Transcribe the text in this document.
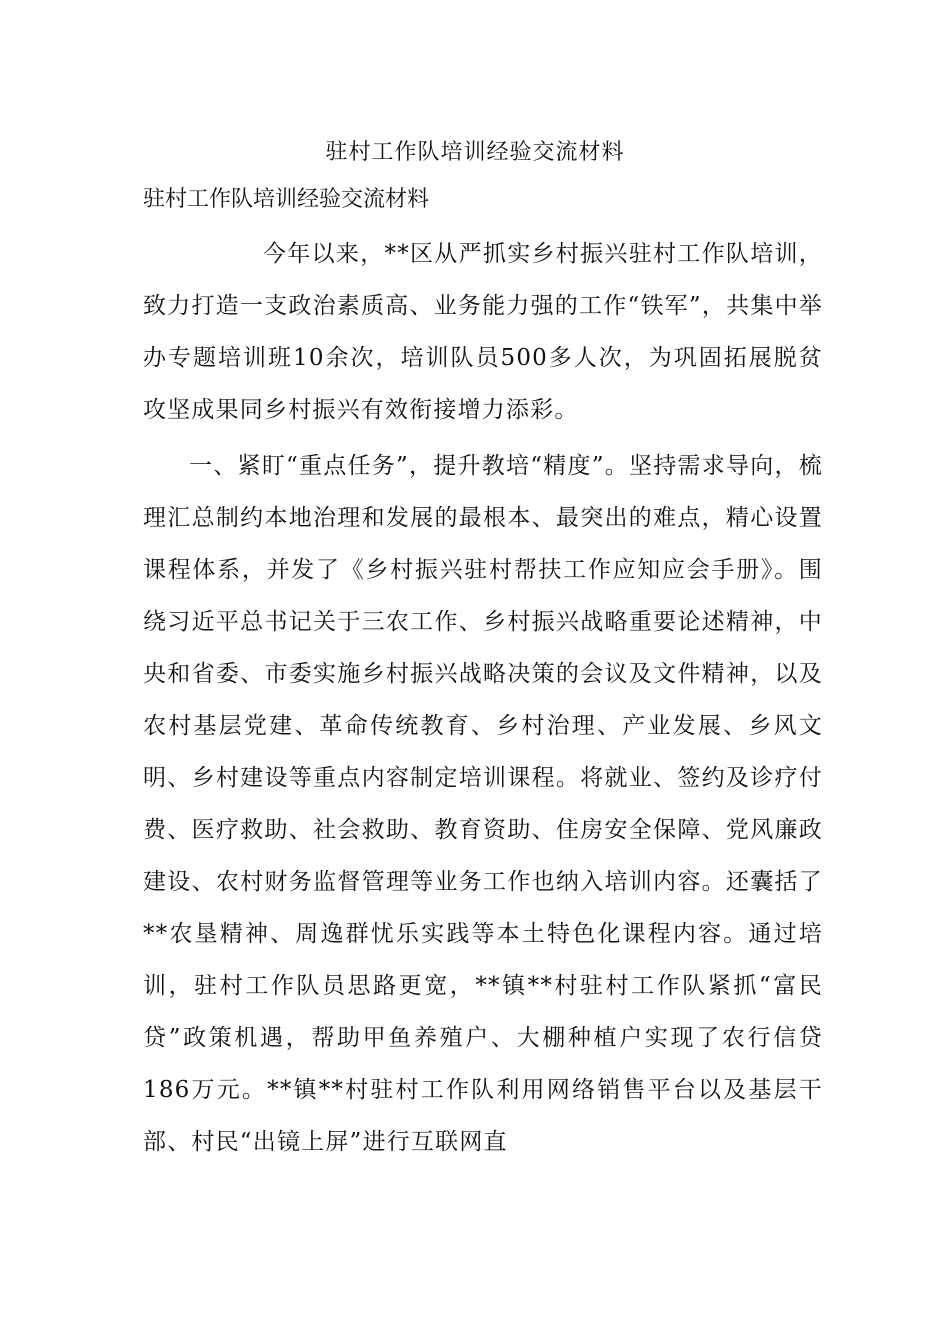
驻村工作队培训经验交流材料
驻村工作队培训经验交流材料

今年以来，**区从严抓实乡村振兴驻村工作队培训，致力打造一支政治素质高、业务能力强的工作“铁军”，共集中举办专题培训班10余次，培训队员500多人次，为巩固拓展脱贫攻坚成果同乡村振兴有效衔接增力添彩。

一、紧盯“重点任务”，提升教培“精度”。坚持需求导向，梳理汇总制约本地治理和发展的最根本、最突出的难点，精心设置课程体系，并发了《乡村振兴驻村帮扶工作应知应会手册》。围绕习近平总书记关于三农工作、乡村振兴战略重要论述精神，中央和省委、市委实施乡村振兴战略决策的会议及文件精神，以及农村基层党建、革命传统教育、乡村治理、产业发展、乡风文明、乡村建设等重点内容制定培训课程。将就业、签约及诊疗付费、医疗救助、社会救助、教育资助、住房安全保障、党风廉政建设、农村财务监督管理等业务工作也纳入培训内容。还囊括了**农垦精神、周逸群忧乐实践等本土特色化课程内容。通过培训，驻村工作队员思路更宽，**镇**村驻村工作队紧抓“富民贷”政策机遇，帮助甲鱼养殖户、大棚种植户实现了农行信贷186万元。**镇**村驻村工作队利用网络销售平台以及基层干部、村民“出镜上屏”进行互联网直
